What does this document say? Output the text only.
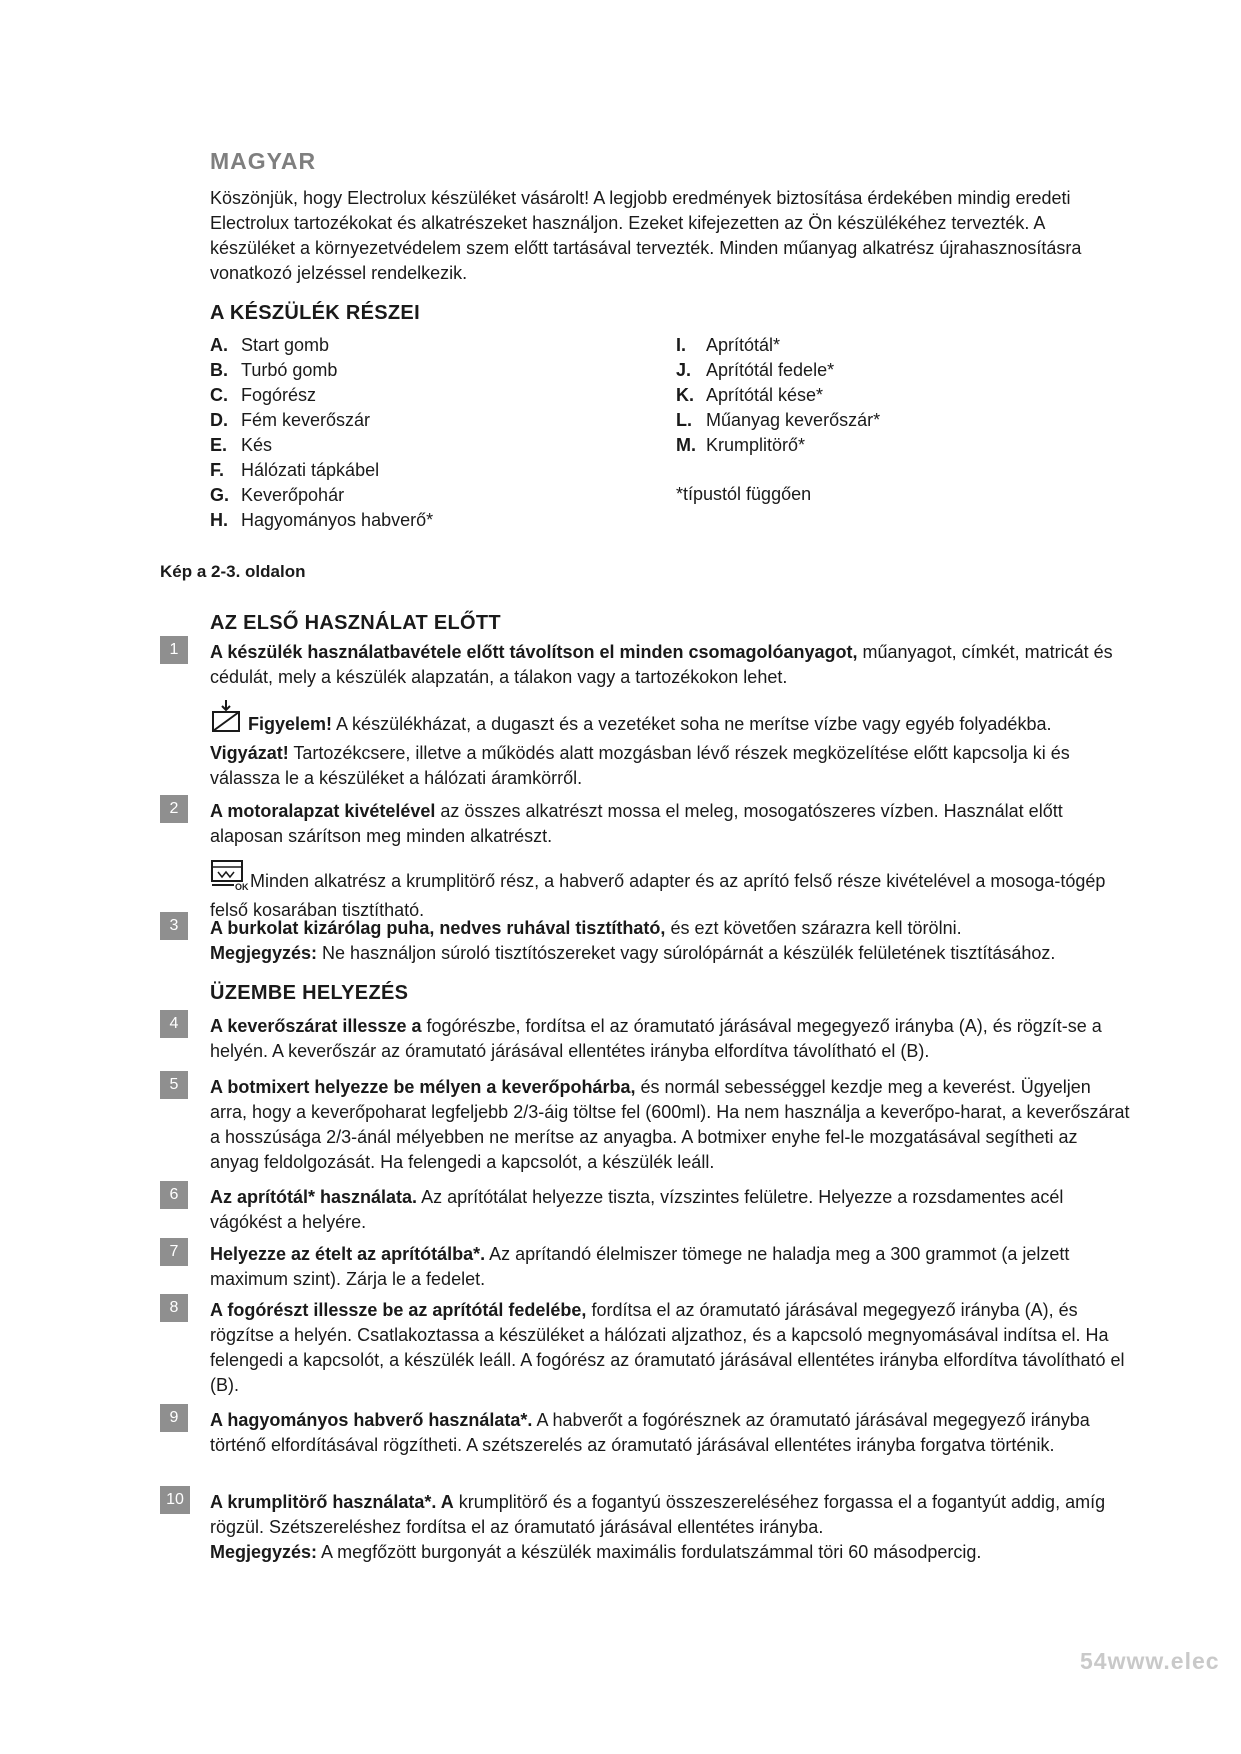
MAGYAR
Köszönjük, hogy Electrolux készüléket vásárolt! A legjobb eredmények biztosítása érdekében mindig eredeti Electrolux tartozékokat és alkatrészeket használjon. Ezeket kifejezetten az Ön készülékéhez tervezték. A készüléket a környezetvédelem szem előtt tartásával tervezték. Minden műanyag alkatrész újrahasznosításra vonatkozó jelzéssel rendelkezik.
A KÉSZÜLÉK RÉSZEI
A. Start gomb
B. Turbó gomb
C. Fogórész
D. Fém keverőszár
E. Kés
F. Hálózati tápkábel
G. Keverőpohár
H. Hagyományos habverő*
I. Aprítótál*
J. Aprítótál fedele*
K. Aprítótál kése*
L. Műanyag keverőszár*
M. Krumplitörő*
*típustól függően
Kép a 2-3. oldalon
AZ ELSŐ HASZNÁLAT ELŐTT
1	A készülék használatbavétele előtt távolítson el minden csomagolóanyagot, műanyagot, címkét, matricát és cédulát, mely a készülék alapzatán, a tálakon vagy a tartozékokon lehet.
Figyelem! A készülékházat, a dugaszt és a vezetéket soha ne merítse vízbe vagy egyéb folyadékba.
Vigyázat! Tartozékcsere, illetve a működés alatt mozgásban lévő részek megközelítése előtt kapcsolja ki és válassza le a készüléket a hálózati áramkörről.
2	A motoralapzat kivételével az összes alkatrészt mossa el meleg, mosogatószeres vízben. Használat előtt alaposan szárítson meg minden alkatrészt.
OK Minden alkatrész a krumplitörő rész, a habverő adapter és az aprító felső része kivételével a mosoga-tógép felső kosarában tisztítható.
3	A burkolat kizárólag puha, nedves ruhával tisztítható, és ezt követően szárazra kell törölni.
Megjegyzés: Ne használjon súroló tisztítószereket vagy súrolópárnát a készülék felületének tisztításához.
ÜZEMBE HELYEZÉS
4	A keverőszárat illessze a fogórészbe, fordítsa el az óramutató járásával megegyező irányba (A), és rögzít-se a helyén. A keverőszár az óramutató járásával ellentétes irányba elfordítva távolítható el (B).
5	A botmixert helyezze be mélyen a keverőpohárba, és normál sebességgel kezdje meg a keverést. Ügyeljen arra, hogy a keverőpoharat legfeljebb 2/3-áig töltse fel (600ml). Ha nem használja a keverőpo-harat, a keverőszárat a hosszúsága 2/3-ánál mélyebben ne merítse az anyagba. A botmixer enyhe fel-le mozgatásával segítheti az anyag feldolgozását. Ha felengedi a kapcsolót, a készülék leáll.
6	Az aprítótál* használata. Az aprítótálat helyezze tiszta, vízszintes felületre. Helyezze a rozsdamentes acél vágókést a helyére.
7	Helyezze az ételt az aprítótálba*. Az aprítandó élelmiszer tömege ne haladja meg a 300 grammot (a jelzett maximum szint). Zárja le a fedelet.
8	A fogórészt illessze be az aprítótál fedelébe, fordítsa el az óramutató járásával megegyező irányba (A), és rögzítse a helyén. Csatlakoztassa a készüléket a hálózati aljzathoz, és a kapcsoló megnyomásával indítsa el. Ha felengedi a kapcsolót, a készülék leáll. A fogórész az óramutató járásával ellentétes irányba elfordítva távolítható el (B).
9	A hagyományos habverő használata*. A habverőt a fogórésznek az óramutató járásával megegyező irányba történő elfordításával rögzítheti. A szétszerelés az óramutató járásával ellentétes irányba forgatva történik.
10	A krumplitörő használata*. A krumplitörő és a fogantyú összeszereléséhez forgassa el a fogantyút addig, amíg rögzül. Szétszereléshez fordítsa el az óramutató járásával ellentétes irányba.
Megjegyzés: A megfőzött burgonyát a készülék maximális fordulatszámmal töri 60 másodpercig.
54www.elec
